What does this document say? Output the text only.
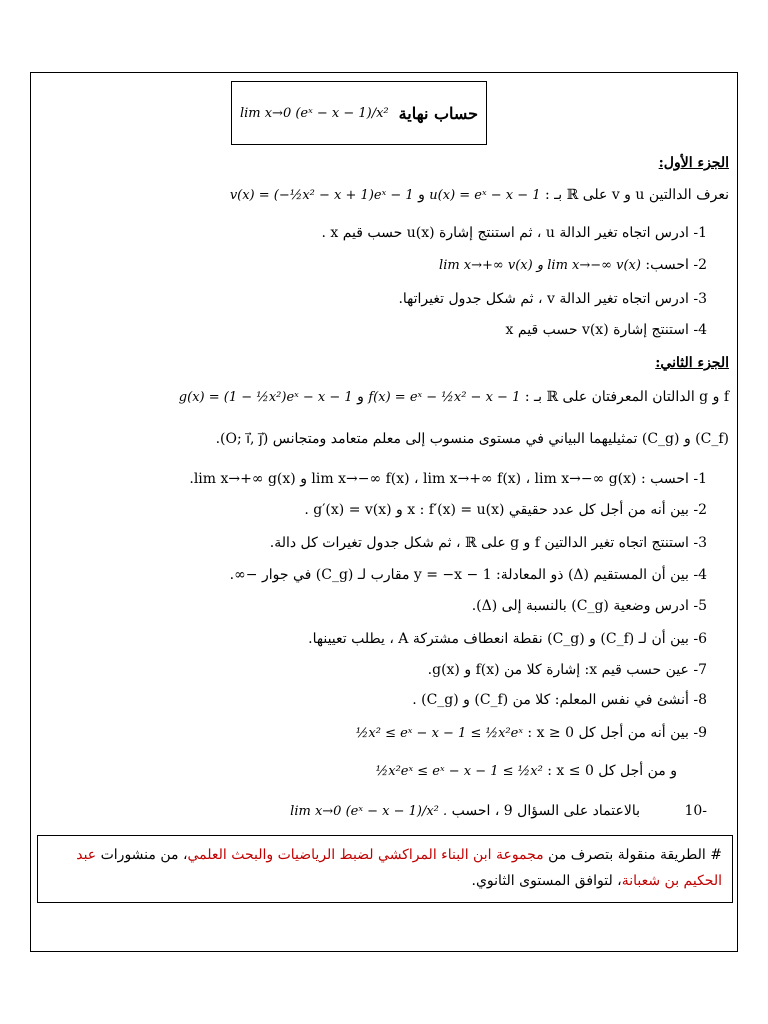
حساب نهاية
lim x→0 (eˣ − x − 1)/x²
الجزء الأول:
نعرف الدالتين u و v على ℝ بـ : u(x) = eˣ − x − 1 و v(x) = (−½x² − x + 1)eˣ − 1
1- ادرس اتجاه تغير الدالة u ، ثم استنتج إشارة u(x) حسب قيم x .
2- احسب: lim x→+∞ v(x) و lim x→−∞ v(x)
3- ادرس اتجاه تغير الدالة v ، ثم شكل جدول تغيراتها.
4- استنتج إشارة v(x) حسب قيم x
الجزء الثاني:
f و g الدالتان المعرفتان على ℝ بـ : f(x) = eˣ − ½x² − x − 1 و g(x) = (1 − ½x²)eˣ − x − 1
(C_f) و (C_g) تمثيليهما البياني في مستوى منسوب إلى معلم متعامد ومتجانس (O; i⃗, j⃗).
1- احسب : lim x→−∞ f(x) ، lim x→+∞ f(x) ، lim x→−∞ g(x) و lim x→+∞ g(x).
2- بين أنه من أجل كل عدد حقيقي x : f′(x) = u(x) و g′(x) = v(x) .
3- استنتج اتجاه تغير الدالتين f و g على ℝ ، ثم شكل جدول تغيرات كل دالة.
4- بين أن المستقيم (Δ) ذو المعادلة: y = −x − 1 مقارب لـ (C_g) في جوار −∞.
5- ادرس وضعية (C_g) بالنسبة إلى (Δ).
6- بين أن لـ (C_f) و (C_g) نقطة انعطاف مشتركة A ، يطلب تعيينها.
7- عين حسب قيم x: إشارة كلا من f(x) و g(x).
8- أنشئ في نفس المعلم: كلا من (C_f) و (C_g) .
9- بين أنه من أجل كل x ≥ 0 : ½x² ≤ eˣ − x − 1 ≤ ½x²eˣ
و من أجل كل x ≤ 0 : ½x²eˣ ≤ eˣ − x − 1 ≤ ½x²
-10 بالاعتماد على السؤال 9 ، احسب lim x→0 (eˣ − x − 1)/x² .
# الطريقة منقولة بتصرف من مجموعة ابن البناء المراكشي لضبط الرياضيات والبحث العلمي، من منشورات عبد الحكيم بن شعبانة، لتوافق المستوى الثانوي.
